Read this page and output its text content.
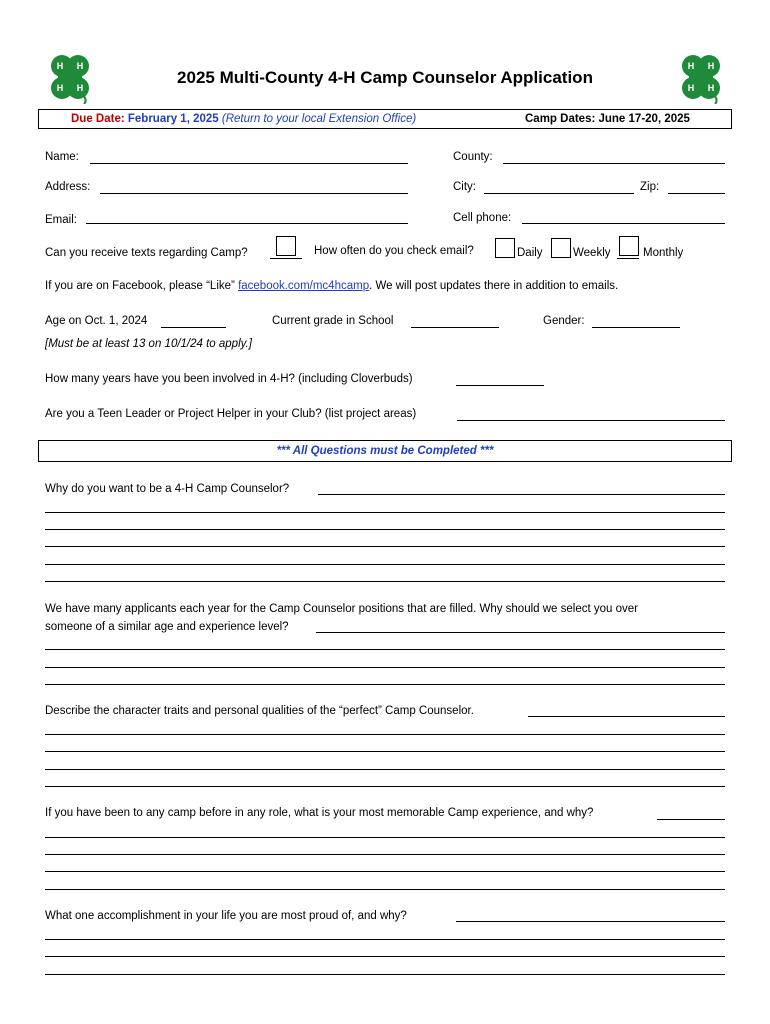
H H
H H
H H
H H
2025 Multi-County 4-H Camp Counselor Application
Due Date: February 1, 2025 (Return to your local Extension Office)	Camp Dates: June 17-20, 2025
Name:	County:
Address:	City:	Zip:
Email:	Cell phone:
Can you receive texts regarding Camp?	How often do you check email?	Daily	Weekly	Monthly
If you are on Facebook, please “Like” facebook.com/mc4hcamp. We will post updates there in addition to emails.
Age on Oct. 1, 2024	Current grade in School	Gender:
[Must be at least 13 on 10/1/24 to apply.]
How many years have you been involved in 4-H? (including Cloverbuds)
Are you a Teen Leader or Project Helper in your Club? (list project areas)
*** All Questions must be Completed ***
Why do you want to be a 4-H Camp Counselor?
We have many applicants each year for the Camp Counselor positions that are filled. Why should we select you over
someone of a similar age and experience level?
Describe the character traits and personal qualities of the “perfect” Camp Counselor.
If you have been to any camp before in any role, what is your most memorable Camp experience, and why?
What one accomplishment in your life you are most proud of, and why?
